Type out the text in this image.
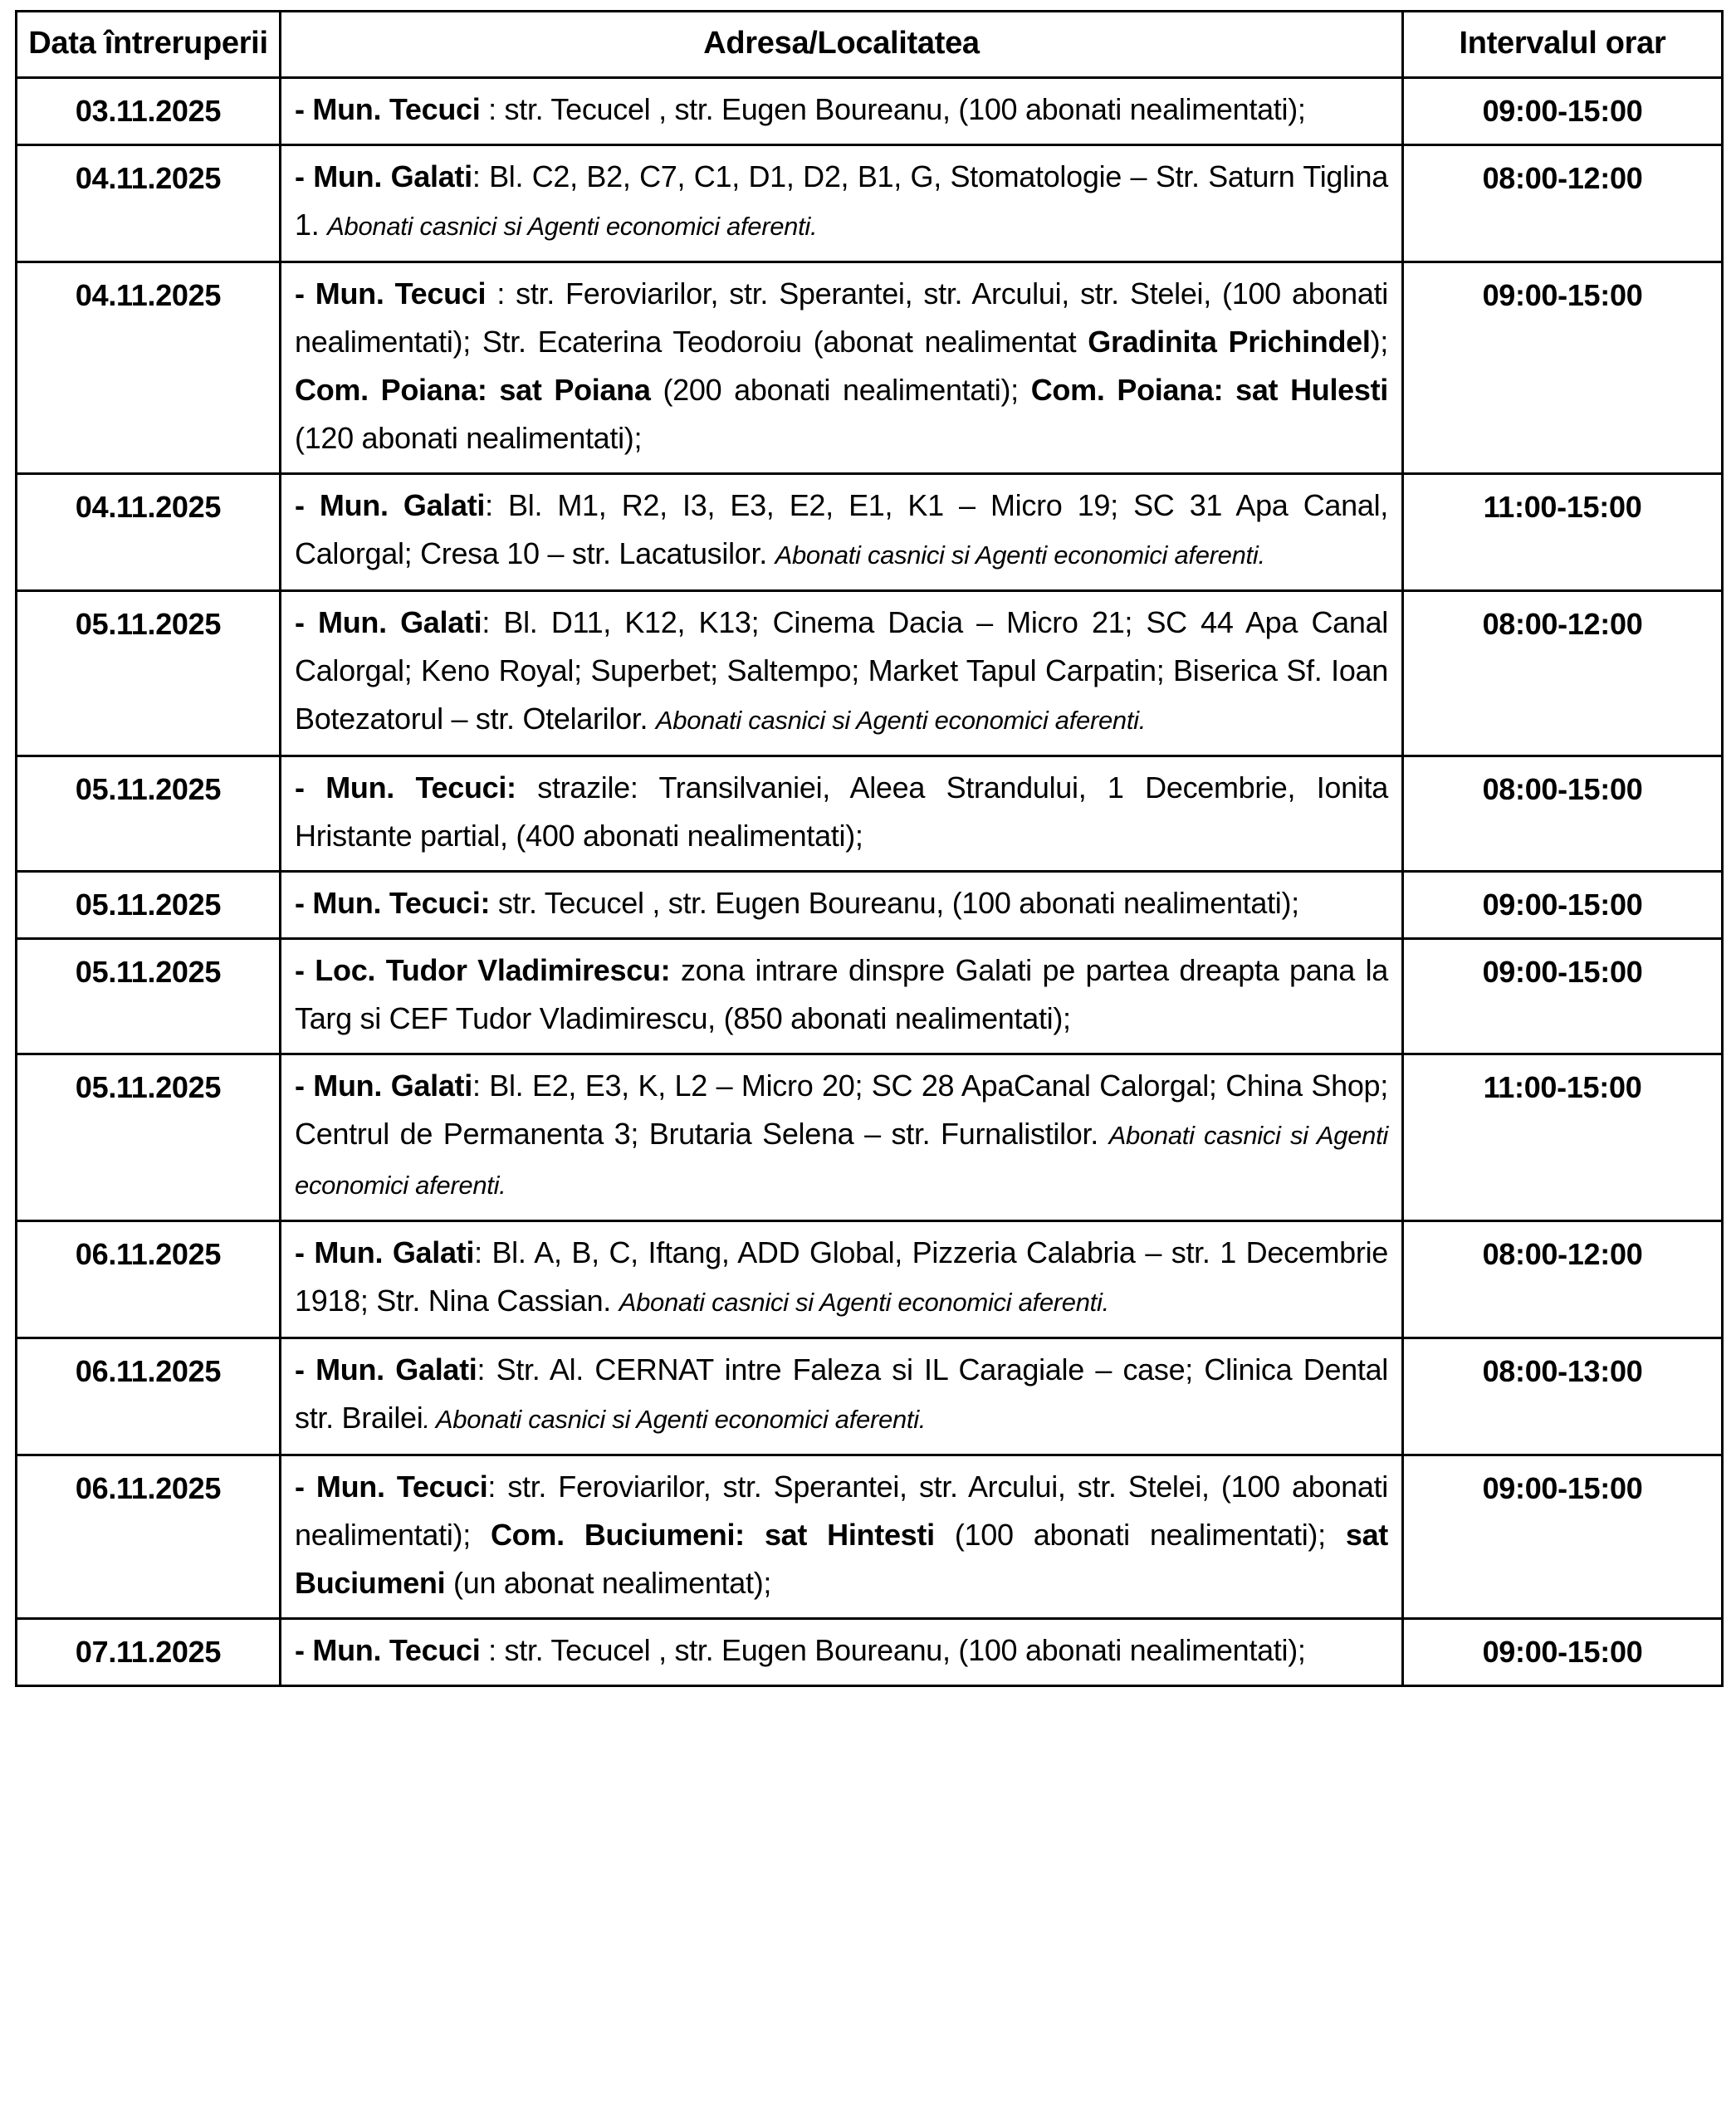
Data întreruperii	Adresa/Localitatea	Intervalul orar
03.11.2025	- Mun. Tecuci : str. Tecucel , str. Eugen Boureanu, (100 abonati nealimentati);	09:00-15:00
04.11.2025	- Mun. Galati: Bl. C2, B2, C7, C1, D1, D2, B1, G, Stomatologie – Str. Saturn Tiglina 1. Abonati casnici si Agenti economici aferenti.	08:00-12:00
04.11.2025	- Mun. Tecuci : str. Feroviarilor, str. Sperantei, str. Arcului, str. Stelei, (100 abonati nealimentati); Str. Ecaterina Teodoroiu (abonat nealimentat Gradinita Prichindel); Com. Poiana: sat Poiana (200 abonati nealimentati); Com. Poiana: sat Hulesti (120 abonati nealimentati);	09:00-15:00
04.11.2025	- Mun. Galati: Bl. M1, R2, I3, E3, E2, E1, K1 – Micro 19; SC 31 Apa Canal, Calorgal; Cresa 10 – str. Lacatusilor. Abonati casnici si Agenti economici aferenti.	11:00-15:00
05.11.2025	- Mun. Galati: Bl. D11, K12, K13; Cinema Dacia – Micro 21; SC 44 Apa Canal Calorgal; Keno Royal; Superbet; Saltempo; Market Tapul Carpatin; Biserica Sf. Ioan Botezatorul – str. Otelarilor. Abonati casnici si Agenti economici aferenti.	08:00-12:00
05.11.2025	- Mun. Tecuci: strazile: Transilvaniei, Aleea Strandului, 1 Decembrie, Ionita Hristante partial, (400 abonati nealimentati);	08:00-15:00
05.11.2025	- Mun. Tecuci: str. Tecucel , str. Eugen Boureanu, (100 abonati nealimentati);	09:00-15:00
05.11.2025	- Loc. Tudor Vladimirescu: zona intrare dinspre Galati pe partea dreapta pana la Targ si CEF Tudor Vladimirescu, (850 abonati nealimentati);	09:00-15:00
05.11.2025	- Mun. Galati: Bl. E2, E3, K, L2 – Micro 20; SC 28 ApaCanal Calorgal; China Shop; Centrul de Permanenta 3; Brutaria Selena – str. Furnalistilor. Abonati casnici si Agenti economici aferenti.	11:00-15:00
06.11.2025	- Mun. Galati: Bl. A, B, C, Iftang, ADD Global, Pizzeria Calabria – str. 1 Decembrie 1918; Str. Nina Cassian. Abonati casnici si Agenti economici aferenti.	08:00-12:00
06.11.2025	- Mun. Galati: Str. Al. CERNAT intre Faleza si IL Caragiale – case; Clinica Dental str. Brailei. Abonati casnici si Agenti economici aferenti.	08:00-13:00
06.11.2025	- Mun. Tecuci: str. Feroviarilor, str. Sperantei, str. Arcului, str. Stelei, (100 abonati nealimentati); Com. Buciumeni: sat Hintesti (100 abonati nealimentati); sat Buciumeni (un abonat nealimentat);	09:00-15:00
07.11.2025	- Mun. Tecuci : str. Tecucel , str. Eugen Boureanu, (100 abonati nealimentati);	09:00-15:00
